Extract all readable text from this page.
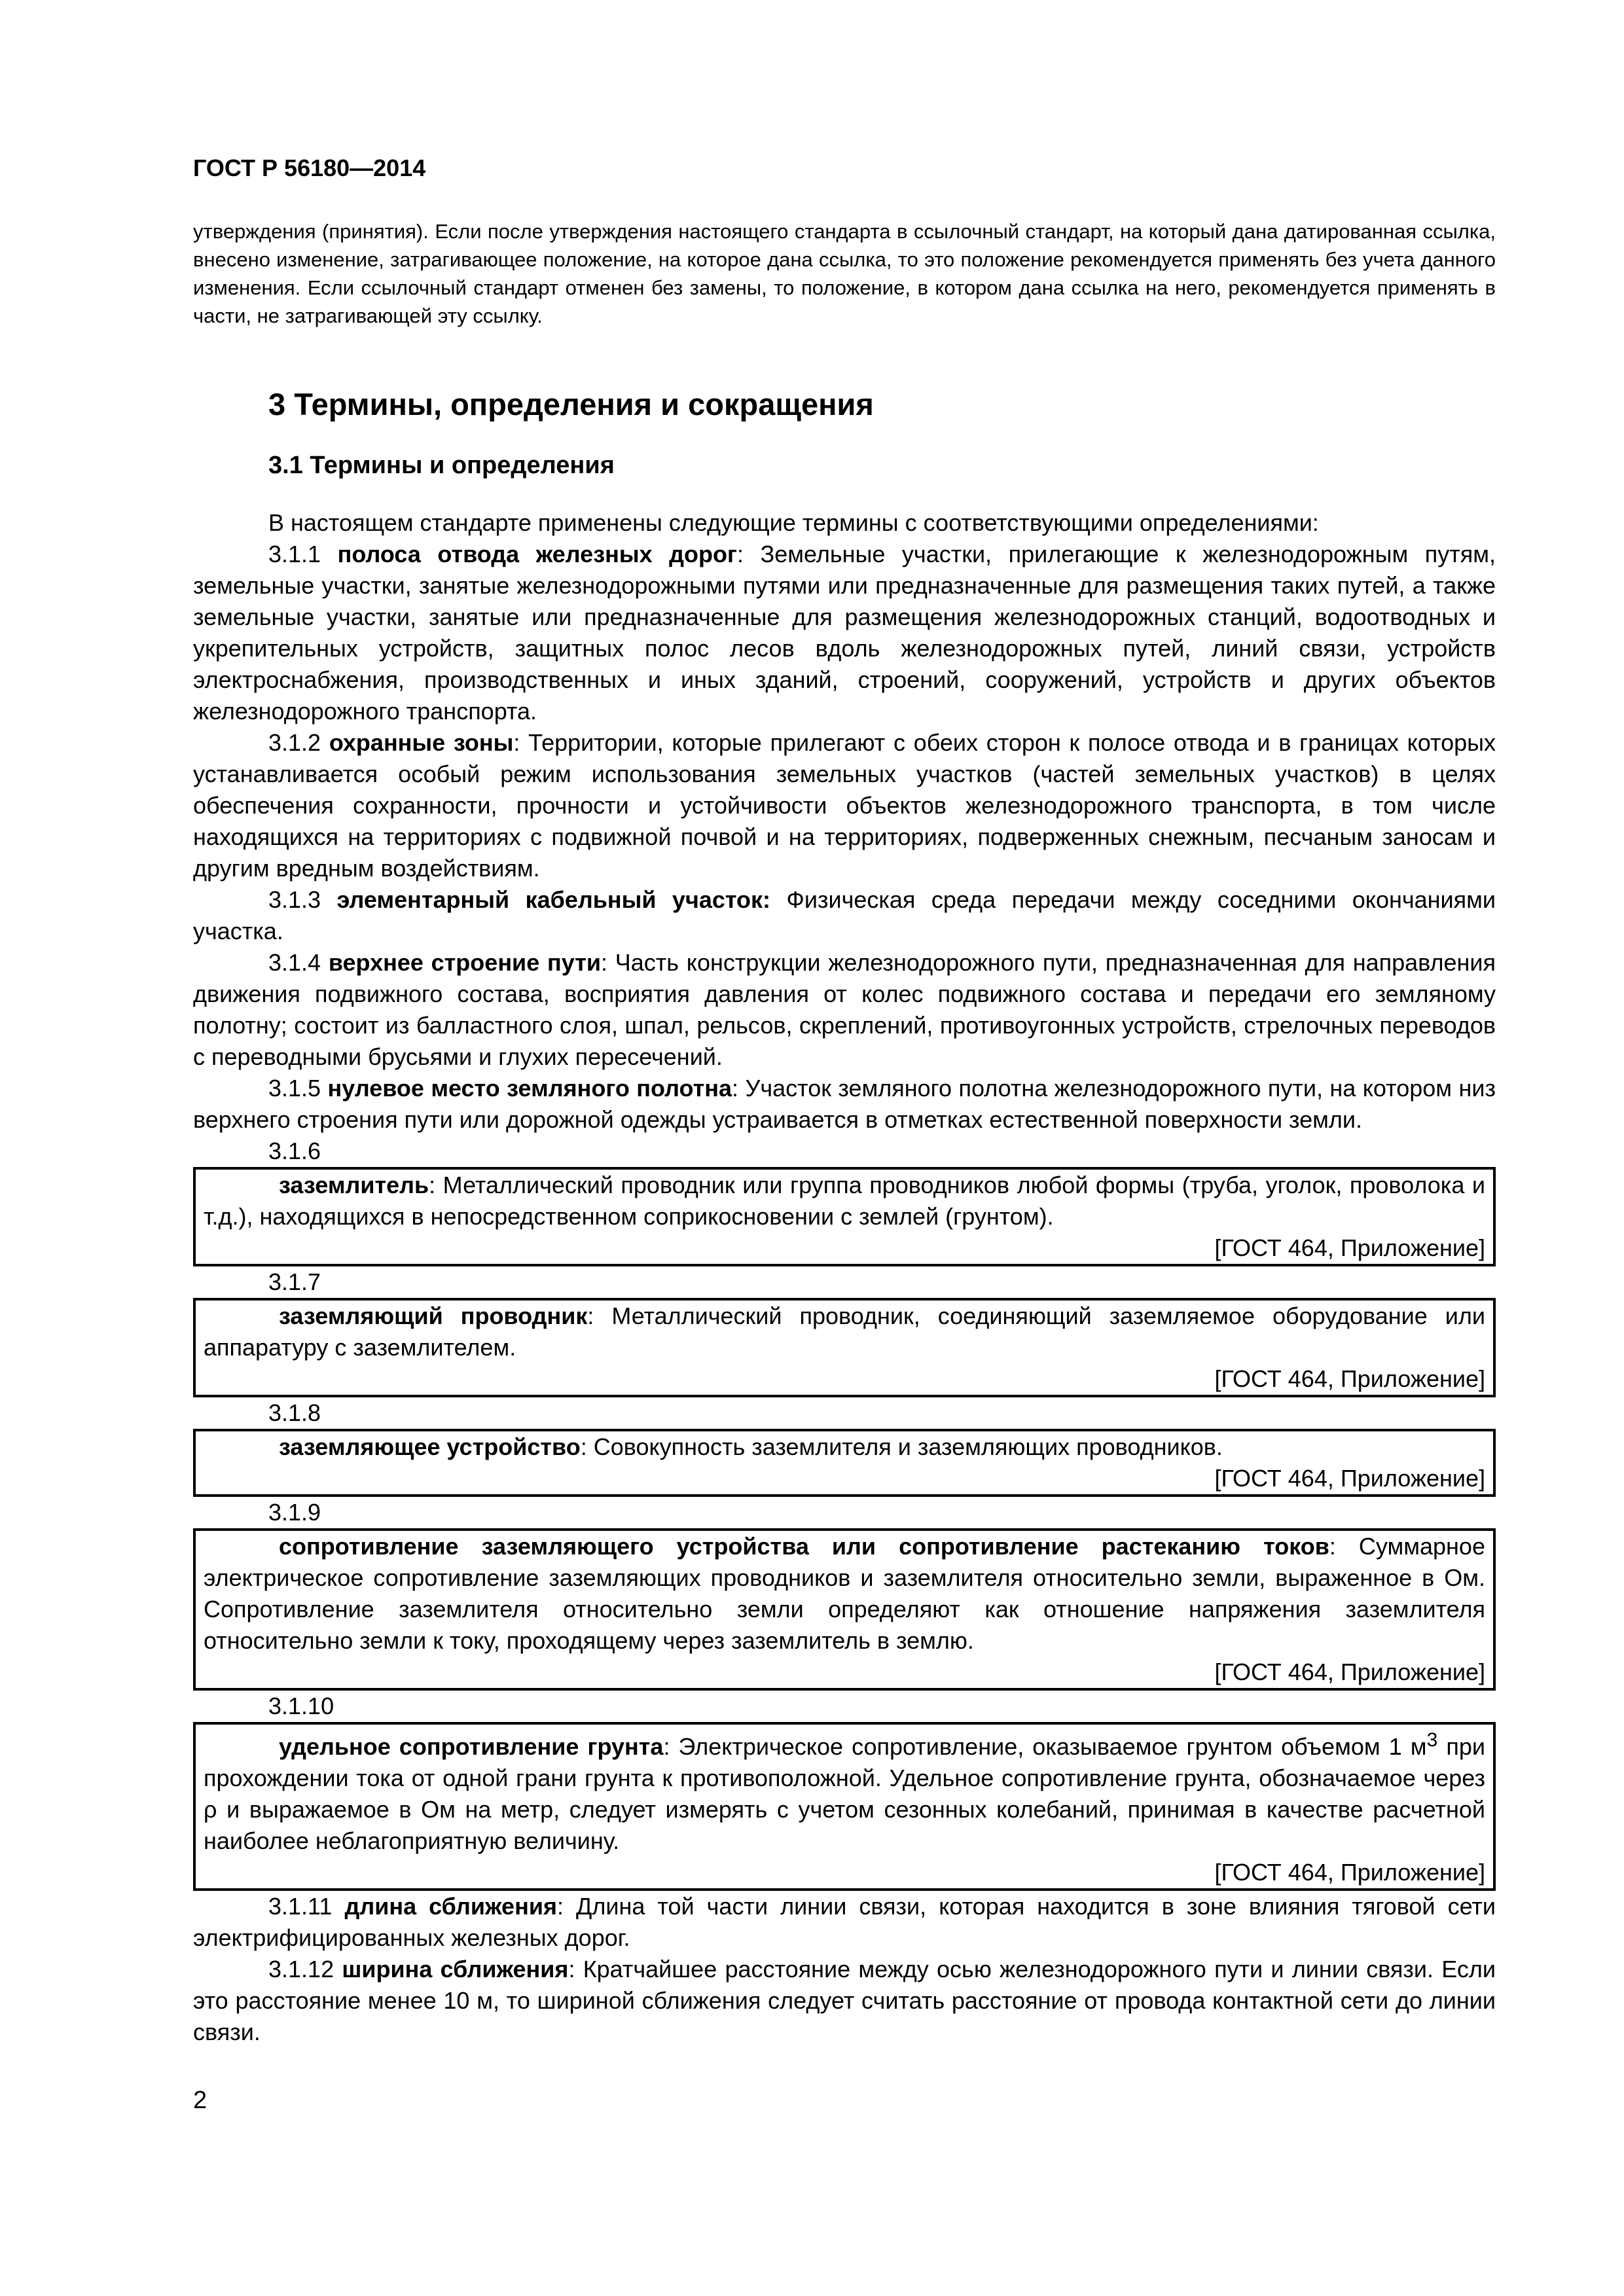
ГОСТ Р 56180—2014
утверждения (принятия). Если после утверждения настоящего стандарта в ссылочный стандарт, на который дана датированная ссылка, внесено изменение, затрагивающее положение, на которое дана ссылка, то это положение рекомендуется применять без учета данного изменения. Если ссылочный стандарт отменен без замены, то положение, в котором дана ссылка на него, рекомендуется применять в части, не затрагивающей эту ссылку.
3 Термины, определения и сокращения
3.1 Термины и определения

В настоящем стандарте применены следующие термины с соответствующими определениями:

3.1.1 полоса отвода железных дорог: Земельные участки, прилегающие к железнодорожным путям, земельные участки, занятые железнодорожными путями или предназначенные для размещения таких путей, а также земельные участки, занятые или предназначенные для размещения железнодорожных станций, водоотводных и укрепительных устройств, защитных полос лесов вдоль железнодорожных путей, линий связи, устройств электроснабжения, производственных и иных зданий, строений, сооружений, устройств и других объектов железнодорожного транспорта.

3.1.2 охранные зоны: Территории, которые прилегают с обеих сторон к полосе отвода и в границах которых устанавливается особый режим использования земельных участков (частей земельных участков) в целях обеспечения сохранности, прочности и устойчивости объектов железнодорожного транспорта, в том числе находящихся на территориях с подвижной почвой и на территориях, подверженных снежным, песчаным заносам и другим вредным воздействиям.

3.1.3 элементарный кабельный участок: Физическая среда передачи между соседними окончаниями участка.

3.1.4 верхнее строение пути: Часть конструкции железнодорожного пути, предназначенная для направления движения подвижного состава, восприятия давления от колес подвижного состава и передачи его земляному полотну; состоит из балластного слоя, шпал, рельсов, скреплений, противоугонных устройств, стрелочных переводов с переводными брусьями и глухих пересечений.

3.1.5 нулевое место земляного полотна: Участок земляного полотна железнодорожного пути, на котором низ верхнего строения пути или дорожной одежды устраивается в отметках естественной поверхности земли.

3.1.6

заземлитель: Металлический проводник или группа проводников любой формы (труба, уголок, проволока и т.д.), находящихся в непосредственном соприкосновении с землей (грунтом).

[ГОСТ 464, Приложение]

3.1.7

заземляющий проводник: Металлический проводник, соединяющий заземляемое оборудование или аппаратуру с заземлителем.

[ГОСТ 464, Приложение]

3.1.8

заземляющее устройство: Совокупность заземлителя и заземляющих проводников.

[ГОСТ 464, Приложение]

3.1.9

сопротивление заземляющего устройства или сопротивление растеканию токов: Суммарное электрическое сопротивление заземляющих проводников и заземлителя относительно земли, выраженное в Ом. Сопротивление заземлителя относительно земли определяют как отношение напряжения заземлителя относительно земли к току, проходящему через заземлитель в землю.

[ГОСТ 464, Приложение]

3.1.10

удельное сопротивление грунта: Электрическое сопротивление, оказываемое грунтом объемом 1 $м^3$ при прохождении тока от одной грани грунта к противоположной. Удельное сопротивление грунта, обозначаемое через ρ и выражаемое в Ом на метр, следует измерять с учетом сезонных колебаний, принимая в качестве расчетной наиболее неблагоприятную величину.

[ГОСТ 464, Приложение]

3.1.11 длина сближения: Длина той части линии связи, которая находится в зоне влияния тяговой сети электрифицированных железных дорог.

3.1.12 ширина сближения: Кратчайшее расстояние между осью железнодорожного пути и линии связи. Если это расстояние менее 10 м, то шириной сближения следует считать расстояние от провода контактной сети до линии связи.

2
